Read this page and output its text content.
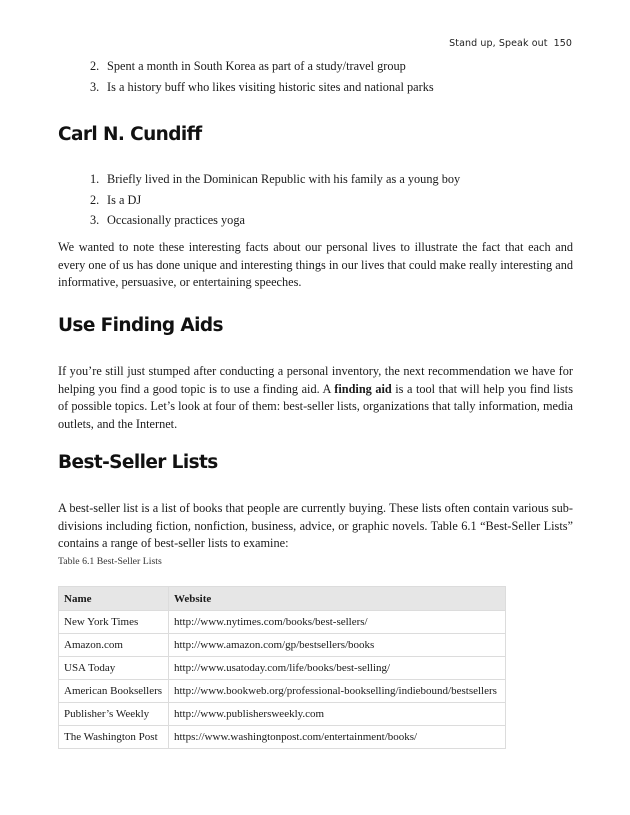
Stand up, Speak out 150
2. Spent a month in South Korea as part of a study/travel group
3. Is a history buff who likes visiting historic sites and national parks
Carl N. Cundiff
1. Briefly lived in the Dominican Republic with his family as a young boy
2. Is a DJ
3. Occasionally practices yoga

We wanted to note these interesting facts about our personal lives to illustrate the fact that each and every one of us has done unique and interesting things in our lives that could make really interesting and informative, persuasive, or entertaining speeches.

Use Finding Aids

If you’re still just stumped after conducting a personal inventory, the next recommendation we have for helping you find a good topic is to use a finding aid. A finding aid is a tool that will help you find lists of possible topics. Let’s look at four of them: best-seller lists, organizations that tally information, media outlets, and the Internet.

Best-Seller Lists

A best-seller list is a list of books that people are currently buying. These lists often contain various sub-divisions including fiction, nonfiction, business, advice, or graphic novels. Table 6.1 “Best-Seller Lists” contains a range of best-seller lists to examine:

Table 6.1 Best-Seller Lists
Name	Website
New York Times	http://www.nytimes.com/books/best-sellers/
Amazon.com	http://www.amazon.com/gp/bestsellers/books
USA Today	http://www.usatoday.com/life/books/best-selling/
American Booksellers	http://www.bookweb.org/professional-bookselling/indiebound/bestsellers
Publisher’s Weekly	http://www.publishersweekly.com
The Washington Post	https://www.washingtonpost.com/entertainment/books/
